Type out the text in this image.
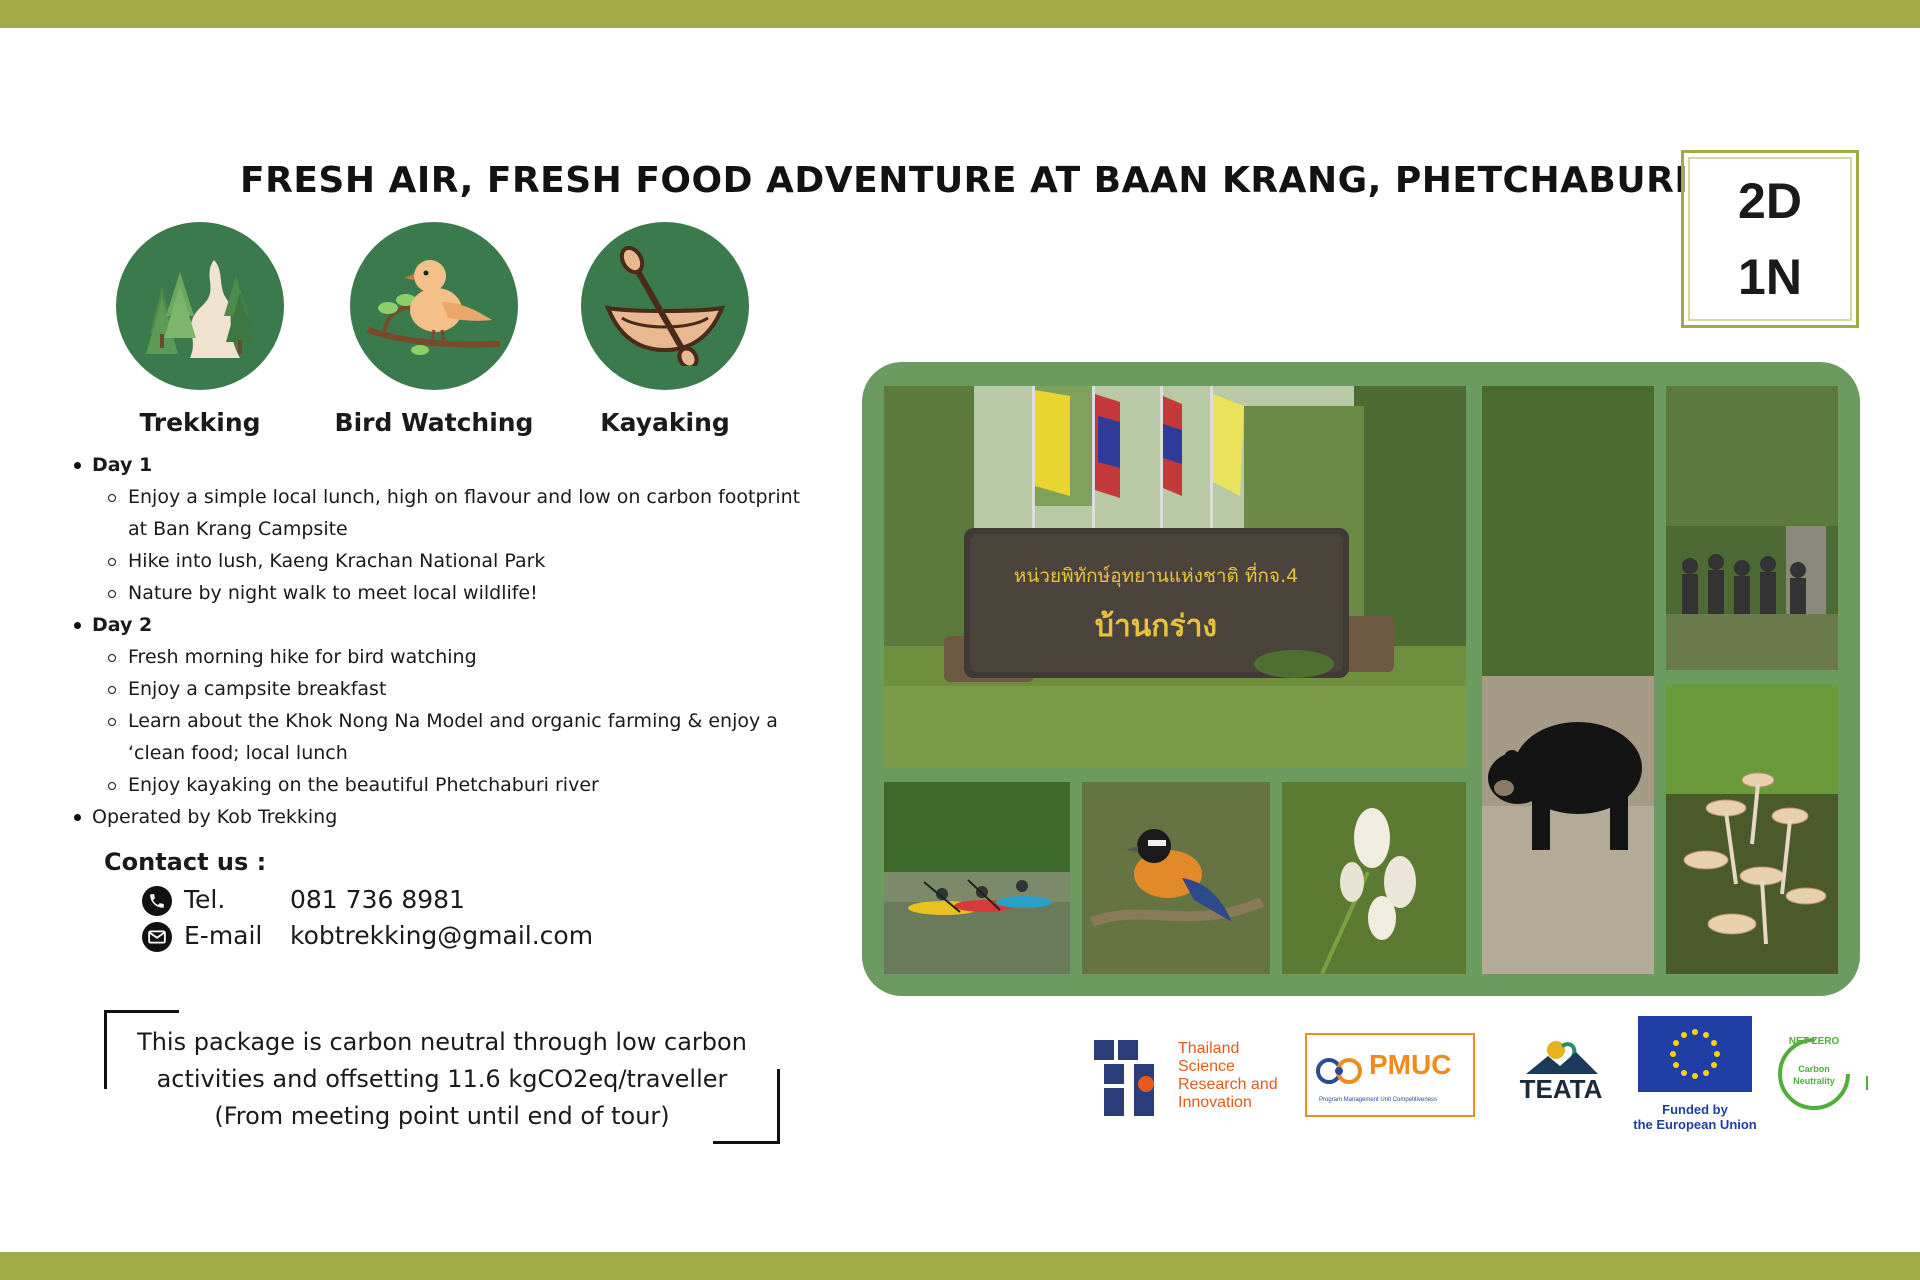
FRESH AIR, FRESH FOOD ADVENTURE AT BAAN KRANG, PHETCHABURI 2D
1N
Trekking	Bird Watching	Kayaking
Day 1
Enjoy a simple local lunch, high on flavour and low on carbon footprint
at Ban Krang Campsite
Hike into lush, Kaeng Krachan National Park
Nature by night walk to meet local wildlife!
Day 2
Fresh morning hike for bird watching
Enjoy a campsite breakfast
Learn about the Khok Nong Na Model and organic farming & enjoy a
‘clean food; local lunch
Enjoy kayaking on the beautiful Phetchaburi river
Operated by Kob Trekking
Contact us :
Tel.	081 736 8981
E-mail kobtrekking@gmail.com
This package is carbon neutral through low carbon
activities and offsetting 11.6 kgCO2eq/traveller
(From meeting point until end of tour)
หน่วยพิทักษ์อุทยานแห่งชาติ ที่กจ.4
บ้านกร่าง
Thailand
Science
Research and
Innovation
PMUC
Program Management Unit Competitiveness	TEATA
Funded by
the European Union
NET ZERO
Carbon
Neutrality
